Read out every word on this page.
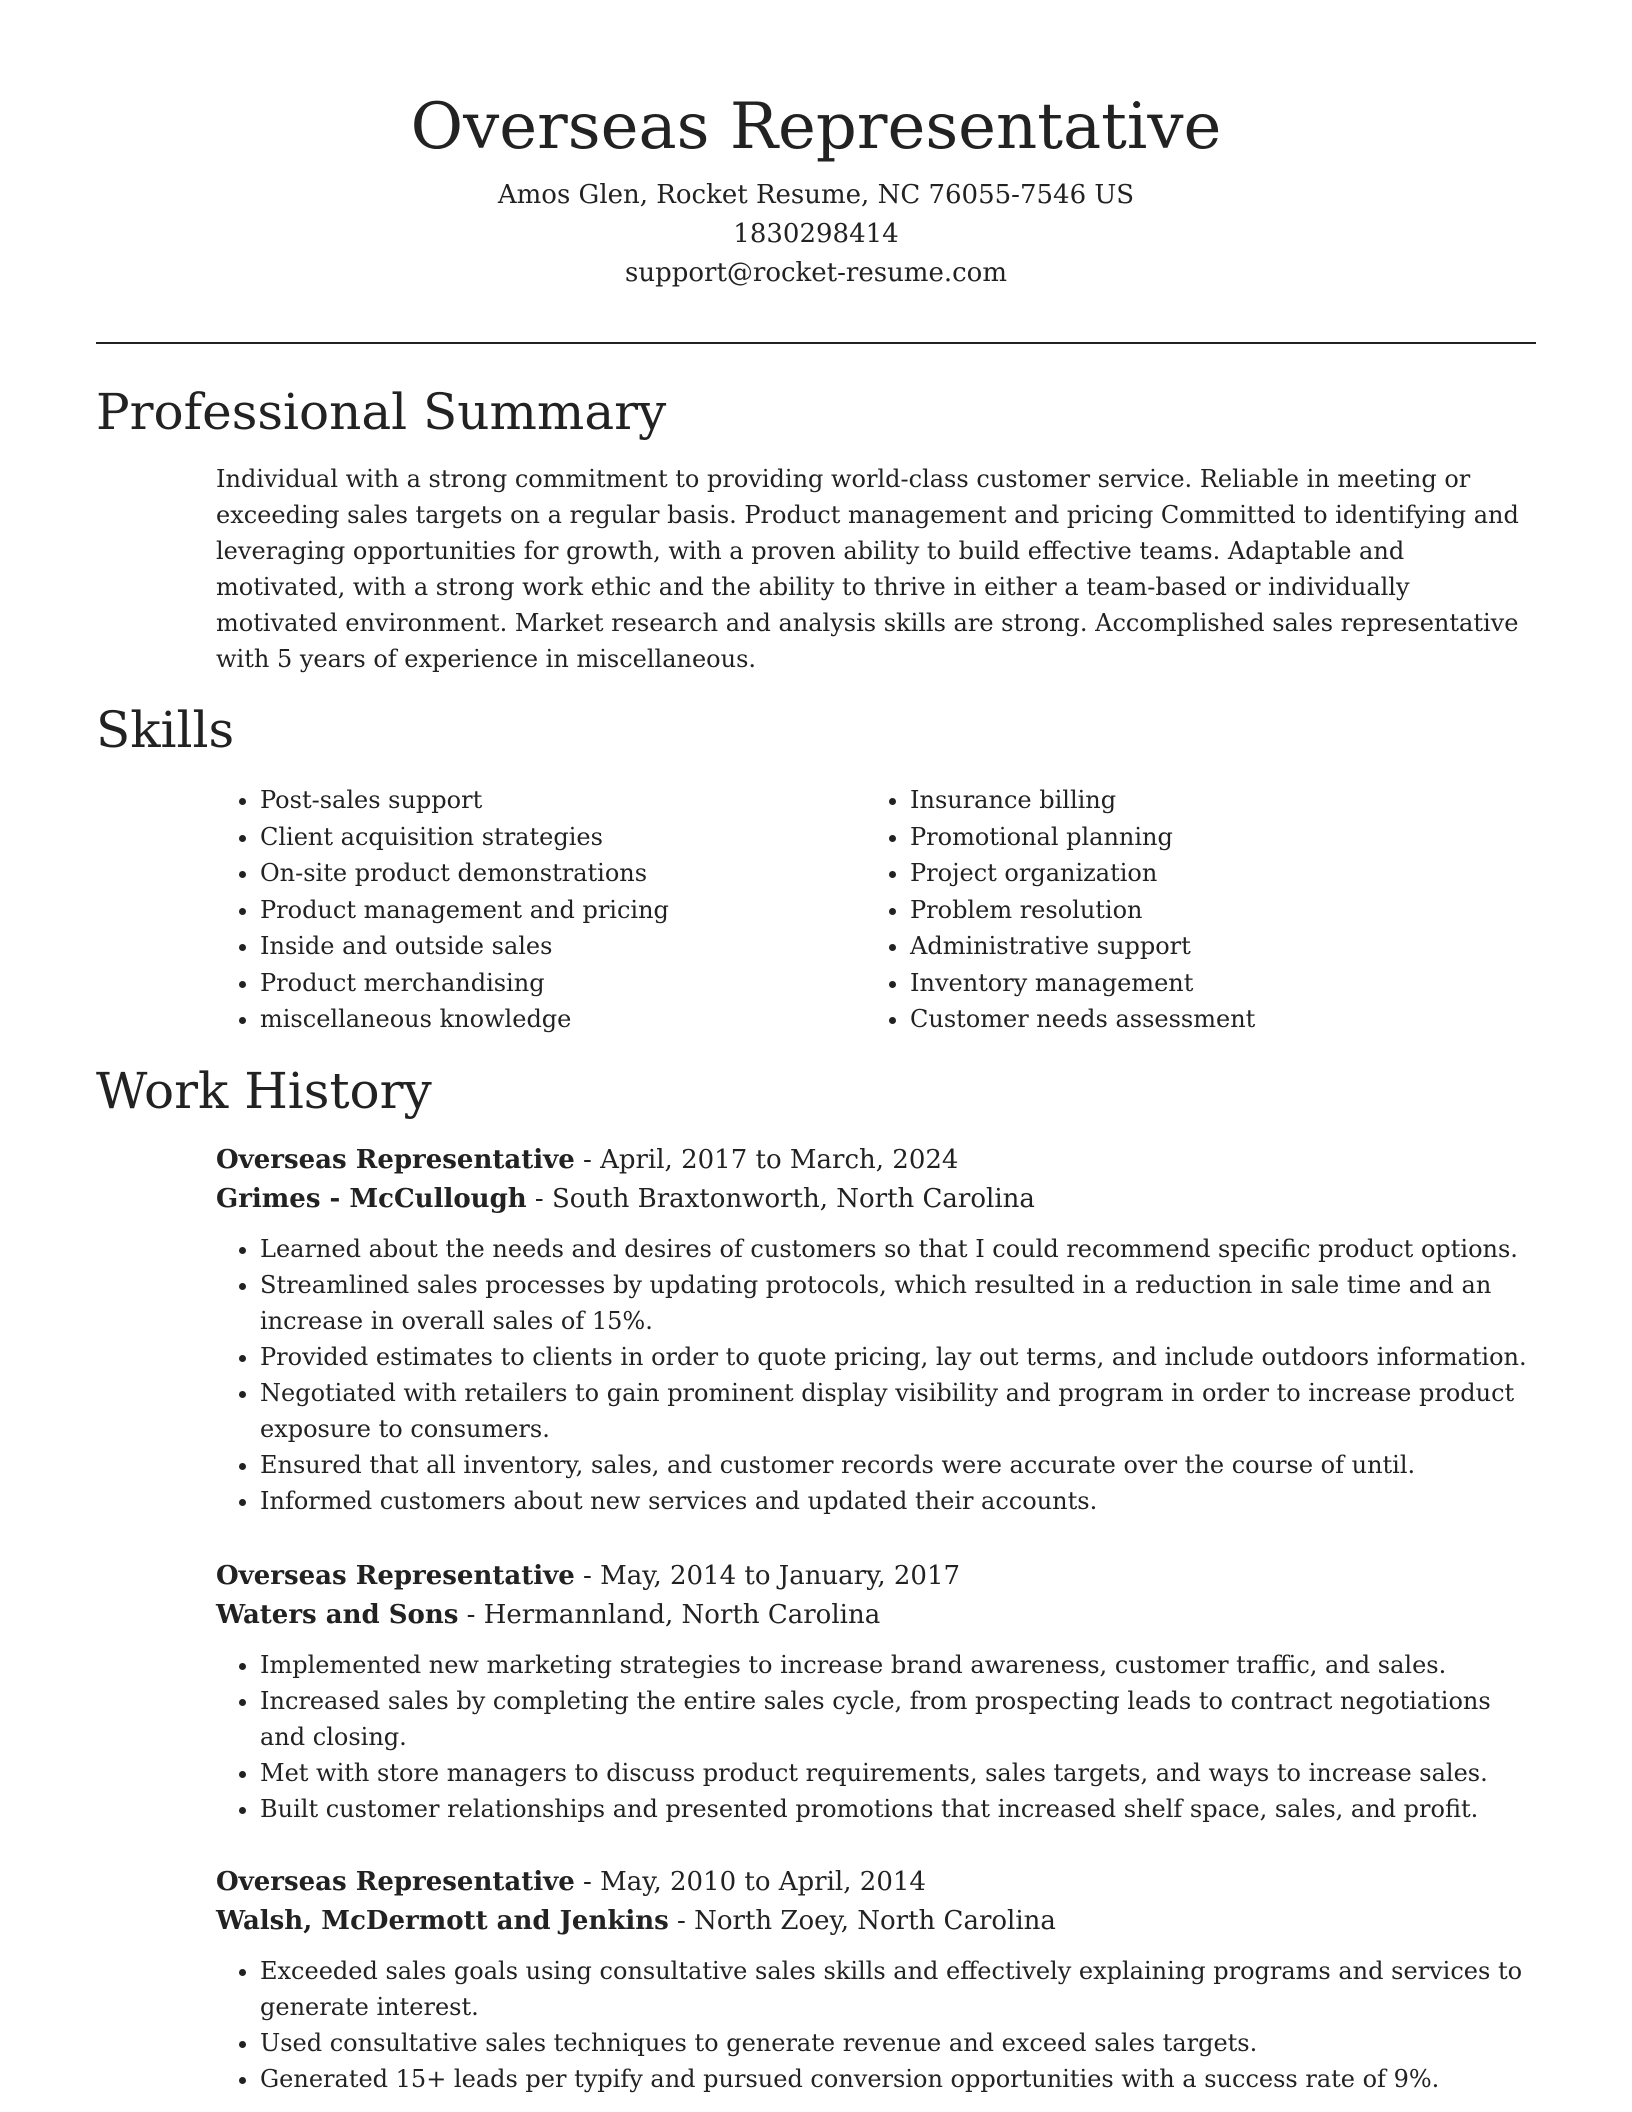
Overseas Representative
Amos Glen, Rocket Resume, NC 76055-7546 US
1830298414
support@rocket-resume.com
Professional Summary
Individual with a strong commitment to providing world-class customer service. Reliable in meeting or exceeding sales targets on a regular basis. Product management and pricing Committed to identifying and leveraging opportunities for growth, with a proven ability to build effective teams. Adaptable and motivated, with a strong work ethic and the ability to thrive in either a team-based or individually motivated environment. Market research and analysis skills are strong. Accomplished sales representative with 5 years of experience in miscellaneous.
Skills
• Post-sales support
• Client acquisition strategies
• On-site product demonstrations
• Product management and pricing
• Inside and outside sales
• Product merchandising
• miscellaneous knowledge
• Insurance billing
• Promotional planning
• Project organization
• Problem resolution
• Administrative support
• Inventory management
• Customer needs assessment
Work History
Overseas Representative - April, 2017 to March, 2024
Grimes - McCullough - South Braxtonworth, North Carolina
• Learned about the needs and desires of customers so that I could recommend specific product options.
• Streamlined sales processes by updating protocols, which resulted in a reduction in sale time and an increase in overall sales of 15%.
• Provided estimates to clients in order to quote pricing, lay out terms, and include outdoors information.
• Negotiated with retailers to gain prominent display visibility and program in order to increase product exposure to consumers.
• Ensured that all inventory, sales, and customer records were accurate over the course of until.
• Informed customers about new services and updated their accounts.
Overseas Representative - May, 2014 to January, 2017
Waters and Sons - Hermannland, North Carolina
• Implemented new marketing strategies to increase brand awareness, customer traffic, and sales.
• Increased sales by completing the entire sales cycle, from prospecting leads to contract negotiations and closing.
• Met with store managers to discuss product requirements, sales targets, and ways to increase sales.
• Built customer relationships and presented promotions that increased shelf space, sales, and profit.
Overseas Representative - May, 2010 to April, 2014
Walsh, McDermott and Jenkins - North Zoey, North Carolina
• Exceeded sales goals using consultative sales skills and effectively explaining programs and services to generate interest.
• Used consultative sales techniques to generate revenue and exceed sales targets.
• Generated 15+ leads per typify and pursued conversion opportunities with a success rate of 9%.
